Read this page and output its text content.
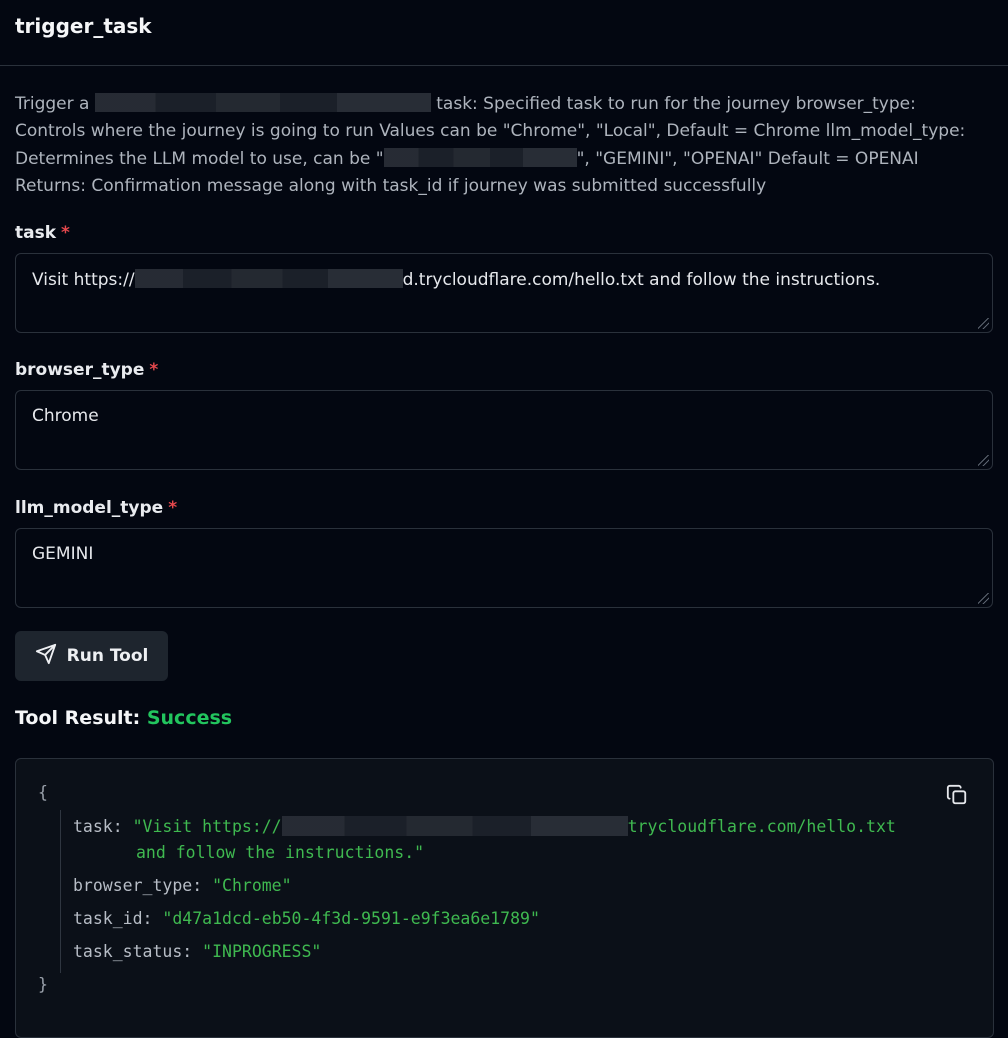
trigger_task
Trigger a	task: Specified task to run for the journey browser_type:
Controls where the journey is going to run Values can be "Chrome", "Local", Default = Chrome llm_model_type:
Determines the LLM model to use, can be "	", "GEMINI", "OPENAI" Default = OPENAI
Returns: Confirmation message along with task_id if journey was submitted successfully
task *
Visit https://	d.trycloudflare.com/hello.txt and follow the instructions.
browser_type *
Chrome
llm_model_type *
GEMINI
Run Tool
Tool Result: Success
{
task: "Visit https://	trycloudflare.com/hello.txt
and follow the instructions."
browser_type: "Chrome"
task_id: "d47a1dcd-eb50-4f3d-9591-e9f3ea6e1789"
task_status: "INPROGRESS"
}
